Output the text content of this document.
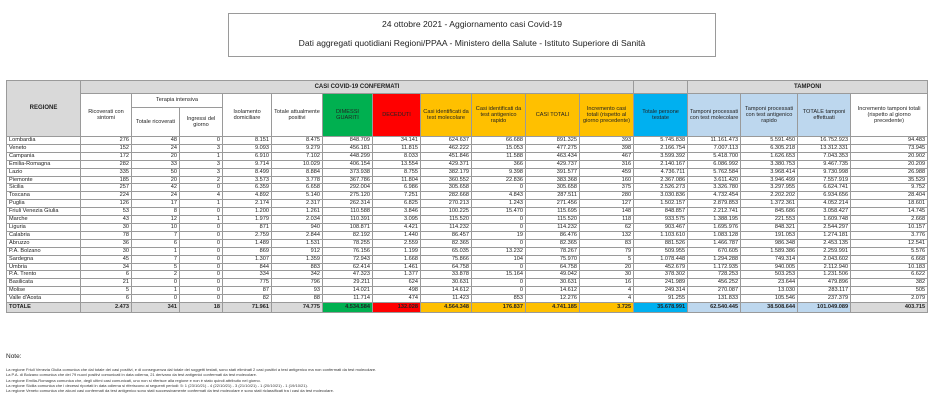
24 ottobre 2021 - Aggiornamento casi Covid-19
Dati aggregati quotidiani Regioni/PPAA - Ministero della Salute - Istituto Superiore di Sanità
REGIONE	CASI COVID-19 CONFERMATI												TAMPONI			
	Ricoverati con sintomi	Terapia intensiva		Isolamento domiciliare	Totale attualmente positivi	DIMESSI GUARITI	DECEDUTI	Casi identificati da test molecolare	Casi identificati da test antigenico rapido	CASI TOTALI	Incremento casi totali (rispetto al giorno precedente)	Totale persone testate	Tamponi processati con test molecolare	Tamponi processati con test antigenico rapido	TOTALE tamponi effettuati	Incremento tamponi totali (rispetto al giorno precedente)
		Totale ricoverati	Ingressi del giorno													
Lombardia	276	48	0	8.151	8.475	848.709	34.141	624.637	66.688	891.325	393	5.745.838	11.161.473	5.591.450	16.752.923	94.483
Veneto	152	24	3	9.093	9.279	456.181	11.815	462.222	15.053	477.275	398	2.166.754	7.007.113	6.305.218	13.312.331	73.945
Campania	172	20	1	6.910	7.102	448.299	8.033	451.846	11.588	463.434	467	3.599.392	5.418.700	1.626.653	7.043.353	20.902
Emilia-Romagna	282	33	3	9.714	10.029	406.154	13.554	429.371	366	429.737	316	2.140.167	6.086.992	3.380.753	9.467.735	20.209
Lazio	335	50	3	8.499	8.884	373.938	8.755	382.179	9.398	391.577	459	4.736.711	5.762.584	3.968.414	9.730.998	26.988
Piemonte	185	20	2	3.573	3.778	367.786	11.804	360.552	22.836	383.368	160	2.367.086	3.611.420	3.946.499	7.557.919	35.529
Sicilia	257	42	0	6.359	6.658	292.004	6.986	305.658	0	305.658	375	2.526.273	3.326.780	3.297.955	6.624.741	9.752
Toscana	224	24	4	4.892	5.140	275.120	7.251	282.668	4.843	287.511	280	3.030.836	4.732.454	2.202.202	6.934.656	28.404
Puglia	126	17	1	2.174	2.317	262.314	6.825	270.213	1.243	271.456	127	1.502.157	2.879.853	1.372.361	4.052.214	18.601
Friuli Venezia Giulia	53	8	0	1.200	1.261	110.588	3.846	100.225	15.470	115.695	148	848.857	2.212.741	845.686	3.058.427	14.745
Marche	43	12	1	1.979	2.034	110.391	3.095	115.520	0	115.520	118	933.575	1.388.195	221.553	1.609.748	2.668
Liguria	30	10	0	871	940	108.871	4.421	114.232	0	114.232	62	903.467	1.695.976	848.321	2.544.297	10.157
Calabria	78	7	0	2.759	2.844	82.192	1.440	86.457	19	86.476	132	1.103.610	1.083.128	191.053	1.274.181	3.776
Abruzzo	36	6	0	1.489	1.531	78.255	2.559	82.365	0	82.365	83	881.526	1.466.787	986.348	2.453.135	12.541
P.A. Bolzano	30	1	0	869	912	76.156	1.199	65.035	13.232	78.267	79	509.955	670.605	1.589.386	2.259.991	5.576
Sardegna	45	7	0	1.307	1.359	72.943	1.668	75.866	104	75.970	5	1.078.448	1.294.288	749.314	2.043.602	6.668
Umbria	34	5	0	844	883	62.414	1.461	64.758	0	64.758	20	452.679	1.172.935	940.005	2.112.940	10.183
P.A. Trento	6	2	0	334	342	47.323	1.377	33.878	15.164	49.042	30	378.302	728.253	503.253	1.231.506	6.622
Basilicata	21	0	0	775	796	29.211	624	30.631	0	30.631	16	241.989	456.252	23.644	479.896	382
Molise	5	1	0	87	93	14.021	498	14.612	0	14.612	4	249.314	270.087	13.030	283.117	505
Valle d'Aosta	6	0	0	82	88	11.714	474	11.423	853	12.276	4	91.255	131.833	105.546	237.379	2.079
TOTALE	2.473	341	18	71.961	74.775	4.534.584	132.028	4.564.348	176.837	4.741.185	3.725	35.678.991	62.540.445	38.508.644	101.049.089	403.715
Note:
La regione Friuli Venezia Giulia comunica che dal totale dei casi positivi, e di conseguenza dal totale dei soggetti testati, sono stati eliminati 2 casi positivi a test antigenico ma non confermati da test molecolare.
La P.A. di Bolzano comunica che dei 79 nuovi positivi comunicati in data odierna, 21 derivano da test antigenici confermati da test molecolare.
La regione Emilia-Romagna comunica che, degli ultimi casi comunicati, uno non si riferisce alla regione e non è stato quindi attribuito nel giorno.
La regione Sicilia comunica che i decessi riportati in data odierna si riferiscono ai seguenti periodi: 5: 1 (23/10/21) - 4 (22/10/21) - 3 (21/10/21) - 1 (20/10/21) - 1 (19/10/21).
La regione Veneto comunica che alcuni casi confermati da test antigenico sono stati successivamente confermati da test molecolare e sono stati riclassificati tra i casi da test molecolare.
